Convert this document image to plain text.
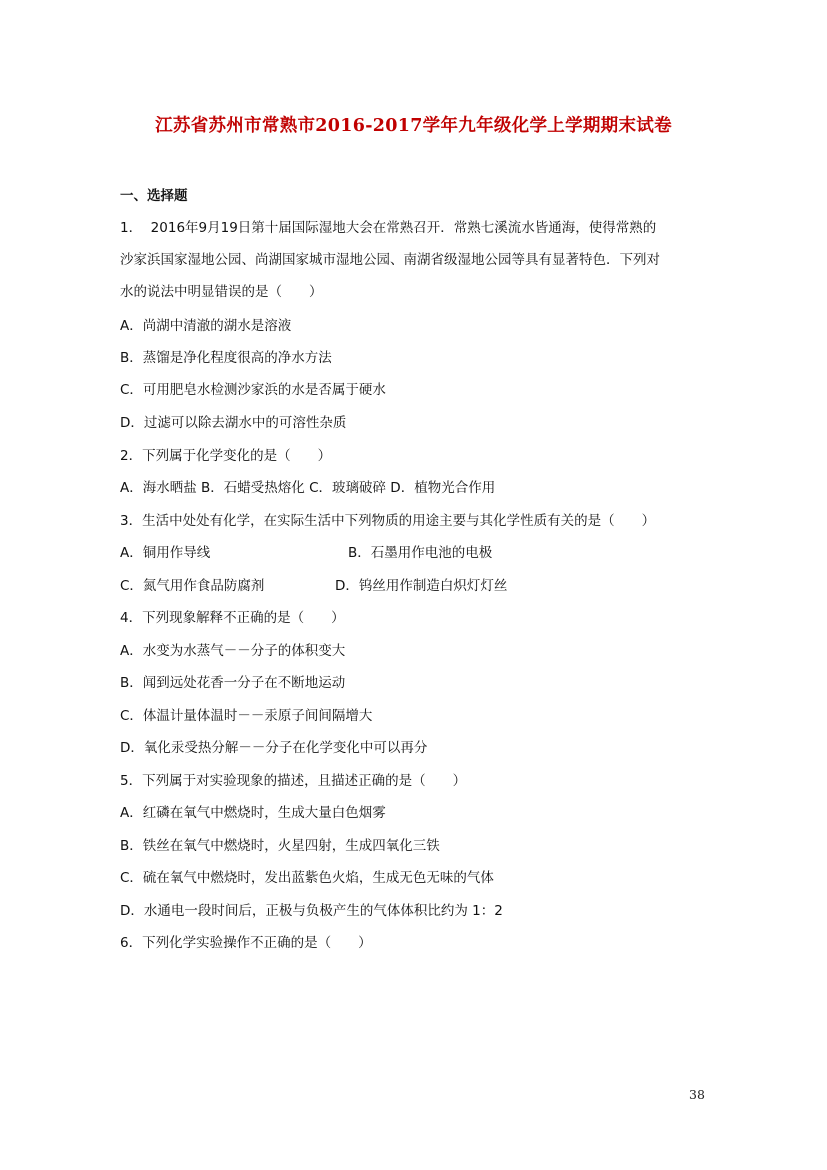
江苏省苏州市常熟市2016-2017学年九年级化学上学期期末试卷
一、选择题
1．  2016年9月19日第十届国际湿地大会在常熟召开．常熟七溪流水皆通海，使得常熟的
沙家浜国家湿地公园、尚湖国家城市湿地公园、南湖省级湿地公园等具有显著特色．下列对
水的说法中明显错误的是（　　）
A．尚湖中清澈的湖水是溶液
B．蒸馏是净化程度很高的净水方法
C．可用肥皂水检测沙家浜的水是否属于硬水
D．过滤可以除去湖水中的可溶性杂质
2．下列属于化学变化的是（　　）
A．海水晒盐 B．石蜡受热熔化 C．玻璃破碎 D．植物光合作用
3．生活中处处有化学，在实际生活中下列物质的用途主要与其化学性质有关的是（　　）
A．铜用作导线	B．石墨用作电池的电极
C．氮气用作食品防腐剂	D．钨丝用作制造白炽灯灯丝
4．下列现象解释不正确的是（　　）
A．水变为水蒸气－－分子的体积变大
B．闻到远处花香一分子在不断地运动
C．体温计量体温时－－汞原子间间隔增大
D．氧化汞受热分解－－分子在化学变化中可以再分
5．下列属于对实验现象的描述，且描述正确的是（　　）
A．红磷在氧气中燃烧时，生成大量白色烟雾
B．铁丝在氧气中燃烧时，火星四射，生成四氧化三铁
C．硫在氧气中燃烧时，发出蓝紫色火焰，生成无色无味的气体
D．水通电一段时间后，正极与负极产生的气体体积比约为 1：2
6．下列化学实验操作不正确的是（　　）
38
